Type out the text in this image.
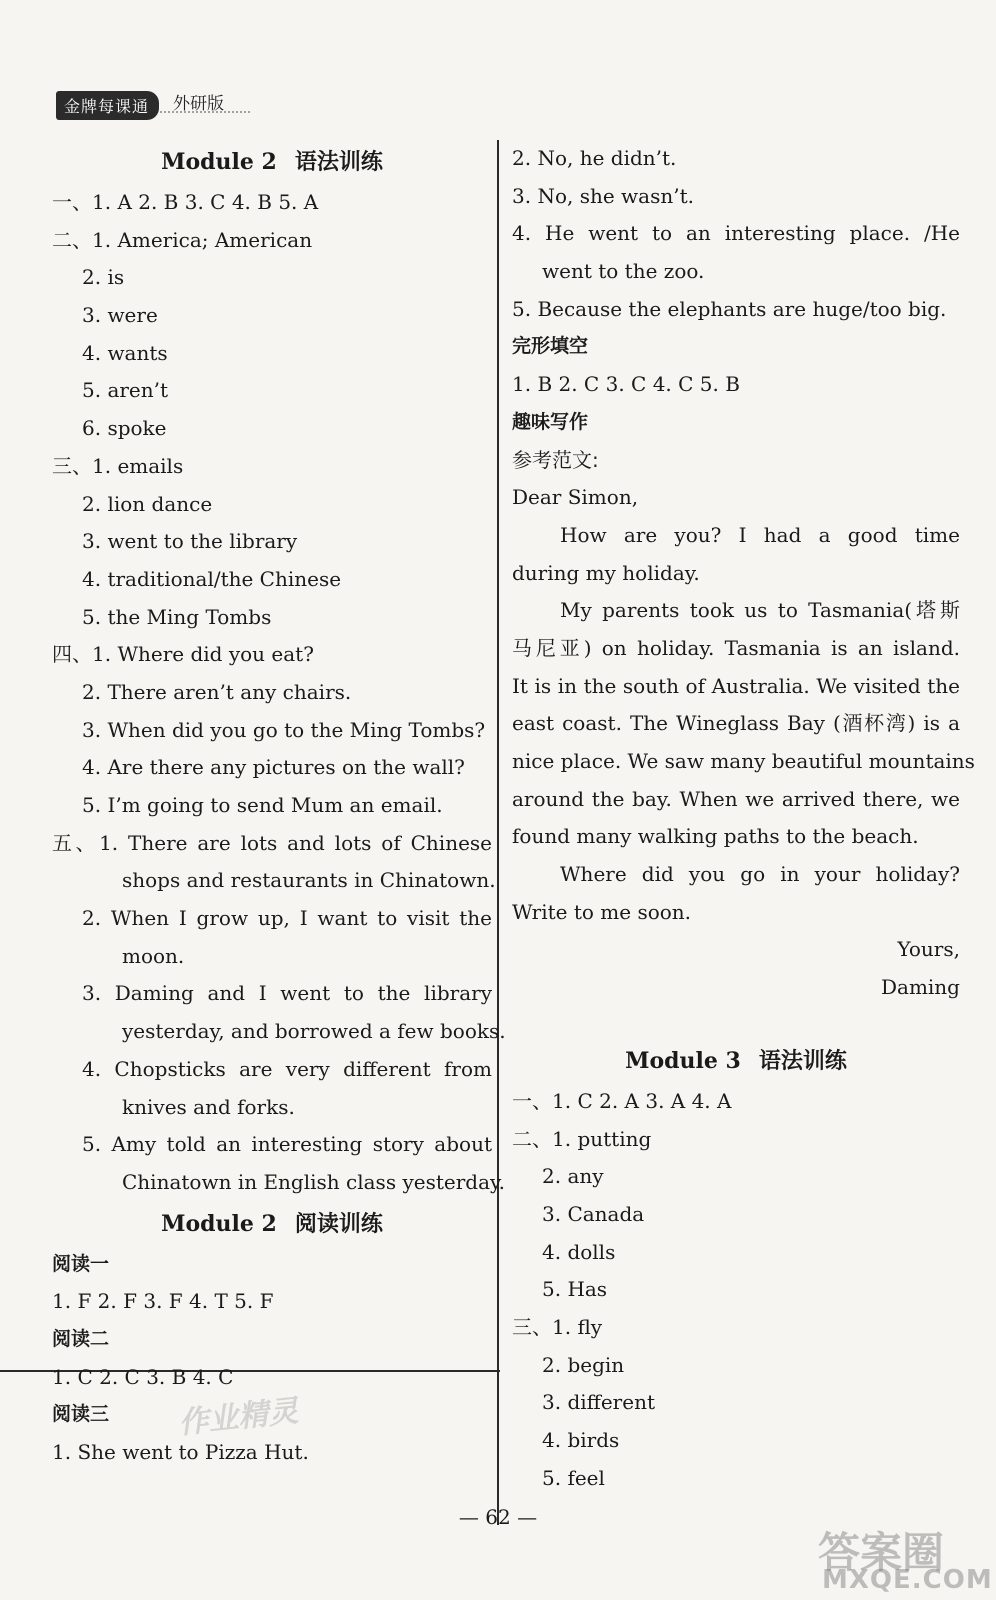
金牌每课通	外研版
Module 2 语法训练
一、1. A 2. B 3. C 4. B 5. A
二、1. America; American
2. is
3. were
4. wants
5. aren’t
6. spoke
三、1. emails
2. lion dance
3. went to the library
4. traditional/the Chinese
5. the Ming Tombs
四、1. Where did you eat?
2. There aren’t any chairs.
3. When did you go to the Ming Tombs?
4. Are there any pictures on the wall?
5. I’m going to send Mum an email.
五、1. There are lots and lots of Chinese
shops and restaurants in Chinatown.
2. When I grow up, I want to visit the
moon.
3. Daming and I went to the library
yesterday, and borrowed a few books.
4. Chopsticks are very different from
knives and forks.
5. Amy told an interesting story about
Chinatown in English class yesterday.
Module 2 阅读训练
阅读一
1. F 2. F 3. F 4. T 5. F
阅读二
1. C 2. C 3. B 4. C
阅读三
1. She went to Pizza Hut.
2. No, he didn’t.
3. No, she wasn’t.
4. He went to an interesting place. /He
went to the zoo.
5. Because the elephants are huge/too big.
完形填空
1. B 2. C 3. C 4. C 5. B
趣味写作
参考范文:
Dear Simon,
How are you? I had a good time
during my holiday.
My parents took us to Tasmania(塔斯
马尼亚) on holiday. Tasmania is an island.
It is in the south of Australia. We visited the
east coast. The Wineglass Bay (酒杯湾) is a
nice place. We saw many beautiful mountains
around the bay. When we arrived there, we
found many walking paths to the beach.
Where did you go in your holiday?
Write to me soon.
Yours,
Daming
Module 3 语法训练
一、1. C 2. A 3. A 4. A
二、1. putting
2. any
3. Canada
4. dolls
5. Has
三、1. fly
2. begin
3. different
4. birds
5. feel
— 62 —
作业精灵
答案圈
MXQE.COM
